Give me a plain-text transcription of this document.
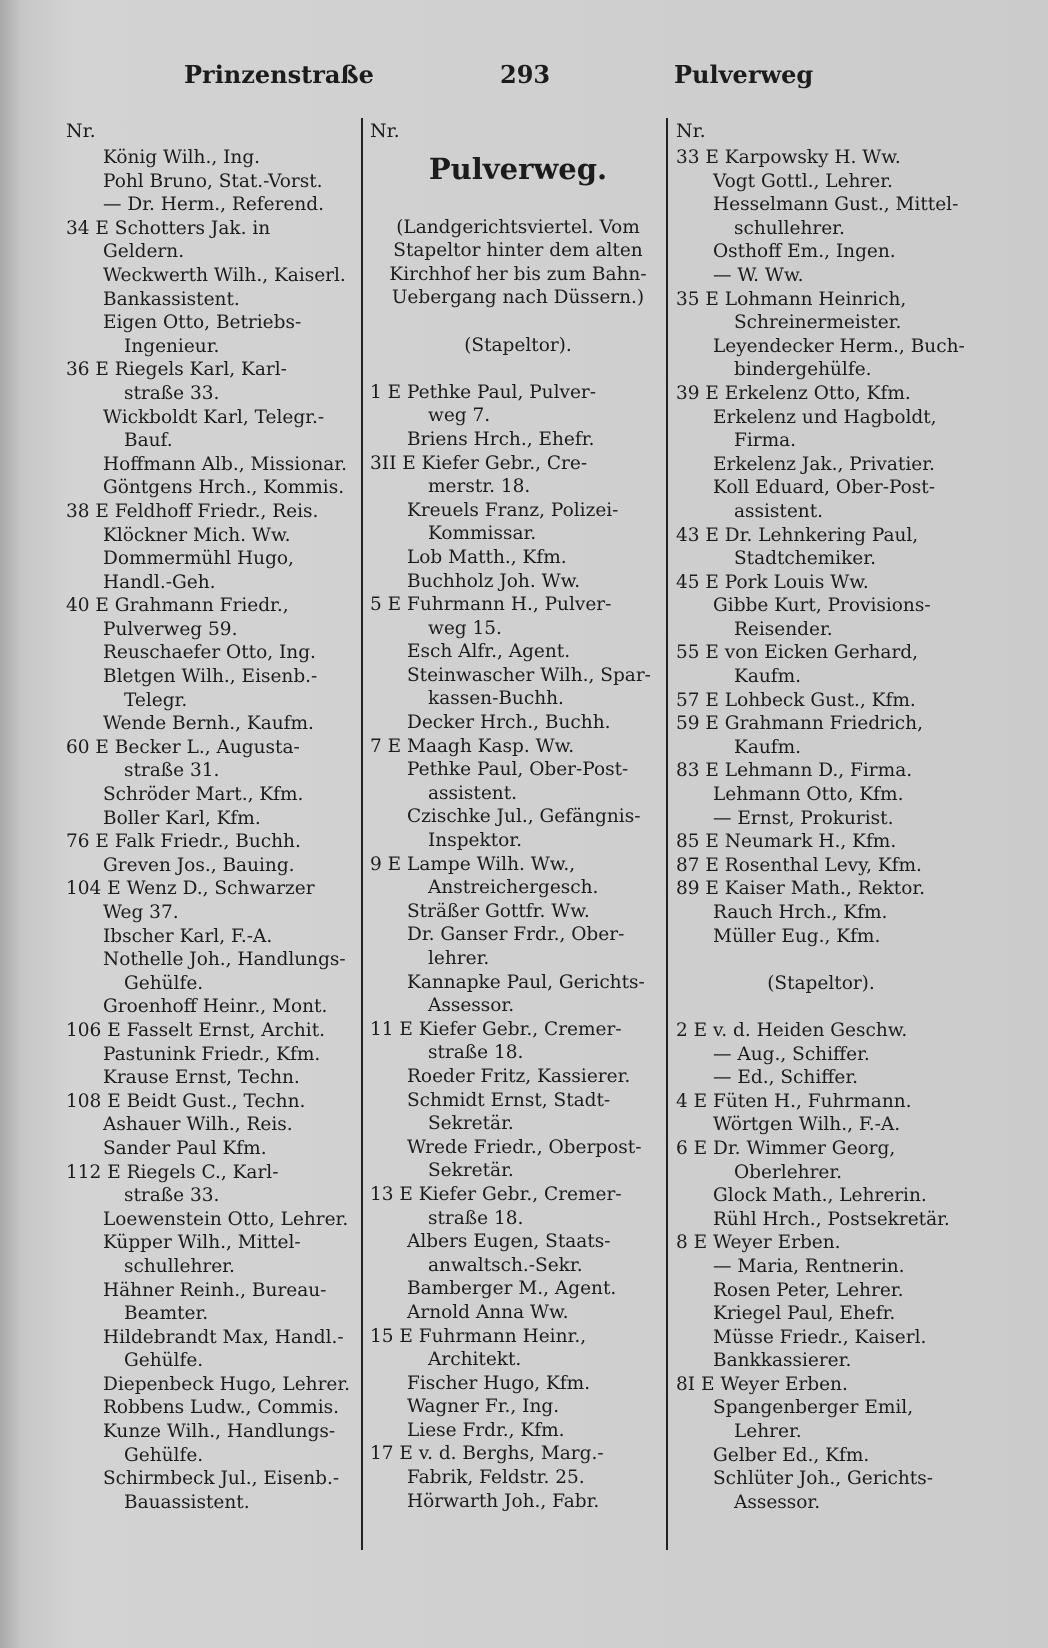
Prinzenstraße	293	Pulverweg
Nr.
König Wilh., Ing.
Pohl Bruno, Stat.-Vorst.
— Dr. Herm., Referend.
34 E Schotters Jak. in
Geldern.
Weckwerth Wilh., Kaiserl.
Bankassistent.
Eigen Otto, Betriebs-
Ingenieur.
36 E Riegels Karl, Karl-
straße 33.
Wickboldt Karl, Telegr.-
Bauf.
Hoffmann Alb., Missionar.
Göntgens Hrch., Kommis.
38 E Feldhoff Friedr., Reis.
Klöckner Mich. Ww.
Dommermühl Hugo,
Handl.-Geh.
40 E Grahmann Friedr.,
Pulverweg 59.
Reuschaefer Otto, Ing.
Bletgen Wilh., Eisenb.-
Telegr.
Wende Bernh., Kaufm.
60 E Becker L., Augusta-
straße 31.
Schröder Mart., Kfm.
Boller Karl, Kfm.
76 E Falk Friedr., Buchh.
Greven Jos., Bauing.
104 E Wenz D., Schwarzer
Weg 37.
Ibscher Karl, F.-A.
Nothelle Joh., Handlungs-
Gehülfe.
Groenhoff Heinr., Mont.
106 E Fasselt Ernst, Archit.
Pastunink Friedr., Kfm.
Krause Ernst, Techn.
108 E Beidt Gust., Techn.
Ashauer Wilh., Reis.
Sander Paul Kfm.
112 E Riegels C., Karl-
straße 33.
Loewenstein Otto, Lehrer.
Küpper Wilh., Mittel-
schullehrer.
Hähner Reinh., Bureau-
Beamter.
Hildebrandt Max, Handl.-
Gehülfe.
Diepenbeck Hugo, Lehrer.
Robbens Ludw., Commis.
Kunze Wilh., Handlungs-
Gehülfe.
Schirmbeck Jul., Eisenb.-
Bauassistent.
Nr.
Pulverweg.
(Landgerichtsviertel. Vom
Stapeltor hinter dem alten
Kirchhof her bis zum Bahn-
Uebergang nach Düssern.)
(Stapeltor).
1 E Pethke Paul, Pulver-
weg 7.
Briens Hrch., Ehefr.
3II E Kiefer Gebr., Cre-
merstr. 18.
Kreuels Franz, Polizei-
Kommissar.
Lob Matth., Kfm.
Buchholz Joh. Ww.
5 E Fuhrmann H., Pulver-
weg 15.
Esch Alfr., Agent.
Steinwascher Wilh., Spar-
kassen-Buchh.
Decker Hrch., Buchh.
7 E Maagh Kasp. Ww.
Pethke Paul, Ober-Post-
assistent.
Czischke Jul., Gefängnis-
Inspektor.
9 E Lampe Wilh. Ww.,
Anstreichergesch.
Sträßer Gottfr. Ww.
Dr. Ganser Frdr., Ober-
lehrer.
Kannapke Paul, Gerichts-
Assessor.
11 E Kiefer Gebr., Cremer-
straße 18.
Roeder Fritz, Kassierer.
Schmidt Ernst, Stadt-
Sekretär.
Wrede Friedr., Oberpost-
Sekretär.
13 E Kiefer Gebr., Cremer-
straße 18.
Albers Eugen, Staats-
anwaltsch.-Sekr.
Bamberger M., Agent.
Arnold Anna Ww.
15 E Fuhrmann Heinr.,
Architekt.
Fischer Hugo, Kfm.
Wagner Fr., Ing.
Liese Frdr., Kfm.
17 E v. d. Berghs, Marg.-
Fabrik, Feldstr. 25.
Hörwarth Joh., Fabr.
Nr.
33 E Karpowsky H. Ww.
Vogt Gottl., Lehrer.
Hesselmann Gust., Mittel-
schullehrer.
Osthoff Em., Ingen.
— W. Ww.
35 E Lohmann Heinrich,
Schreinermeister.
Leyendecker Herm., Buch-
bindergehülfe.
39 E Erkelenz Otto, Kfm.
Erkelenz und Hagboldt,
Firma.
Erkelenz Jak., Privatier.
Koll Eduard, Ober-Post-
assistent.
43 E Dr. Lehnkering Paul,
Stadtchemiker.
45 E Pork Louis Ww.
Gibbe Kurt, Provisions-
Reisender.
55 E von Eicken Gerhard,
Kaufm.
57 E Lohbeck Gust., Kfm.
59 E Grahmann Friedrich,
Kaufm.
83 E Lehmann D., Firma.
Lehmann Otto, Kfm.
— Ernst, Prokurist.
85 E Neumark H., Kfm.
87 E Rosenthal Levy, Kfm.
89 E Kaiser Math., Rektor.
Rauch Hrch., Kfm.
Müller Eug., Kfm.
(Stapeltor).
2 E v. d. Heiden Geschw.
— Aug., Schiffer.
— Ed., Schiffer.
4 E Füten H., Fuhrmann.
Wörtgen Wilh., F.-A.
6 E Dr. Wimmer Georg,
Oberlehrer.
Glock Math., Lehrerin.
Rühl Hrch., Postsekretär.
8 E Weyer Erben.
— Maria, Rentnerin.
Rosen Peter, Lehrer.
Kriegel Paul, Ehefr.
Müsse Friedr., Kaiserl.
Bankkassierer.
8I E Weyer Erben.
Spangenberger Emil,
Lehrer.
Gelber Ed., Kfm.
Schlüter Joh., Gerichts-
Assessor.
